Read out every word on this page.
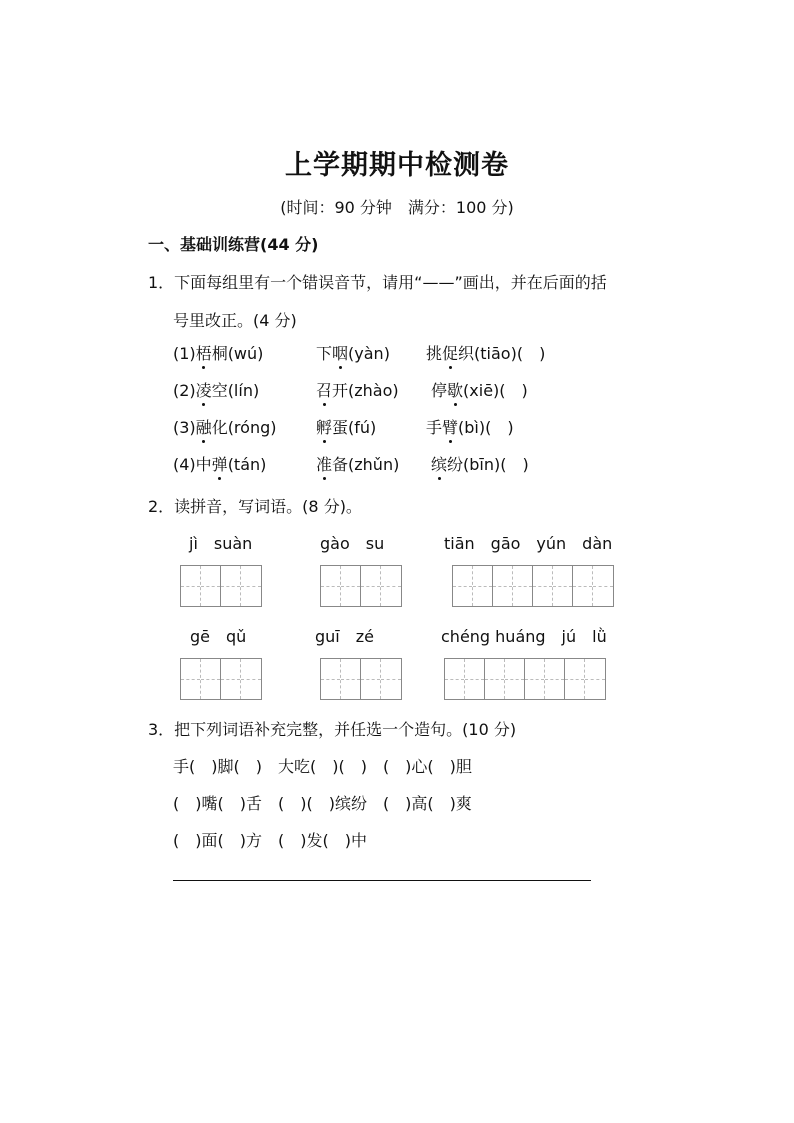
上学期期中检测卷
(时间：90 分钟　满分：100 分)
一、基础训练营(44 分)
1．下面每组里有一个错误音节，请用“——”画出，并在后面的括
号里改正。(4 分)
(1)梧桐(wú)	下咽(yàn) 挑促织(tiāo)(　)
(2)凌空(lín)	召开(zhào) 停歇(xiē)(　)
(3)融化(róng) 孵蛋(fú)	手臂(bì)(　)
(4)中弹(tán)	准备(zhǔn) 缤纷(bīn)(　)
2．读拼音，写词语。(8 分)。
jì　suàn	gào　su	tiān　gāo　yún　dàn
gē　qǔ	guī　zé	chéng huáng　jú　lǜ
3．把下列词语补充完整，并任选一个造句。(10 分)
手(　)脚(　)　大吃(　)(　)　(　)心(　)胆
(　)嘴(　)舌　(　)(　)缤纷　(　)高(　)爽
(　)面(　)方　(　)发(　)中
